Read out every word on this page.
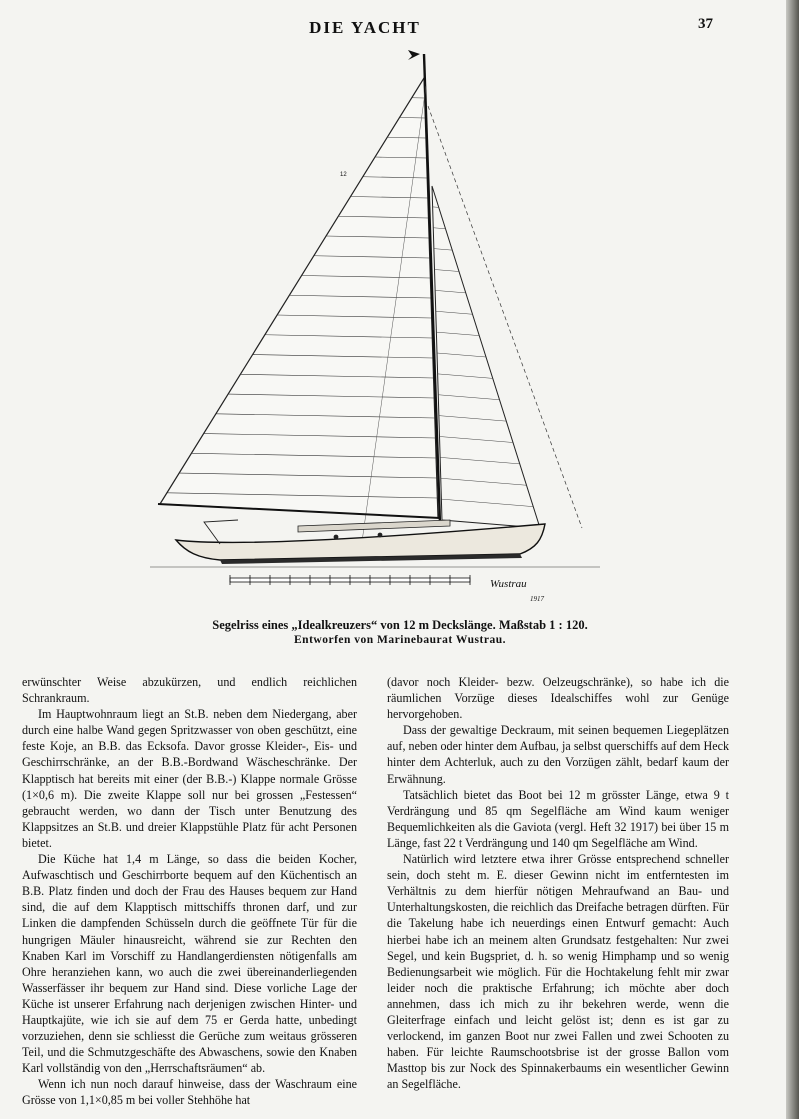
DIE YACHT	37
12
Wustrau
1917
Segelriss eines „Idealkreuzers“ von 12 m Deckslänge. Maßstab 1 : 120.
Entworfen von Marinebaurat Wustrau.

erwünschter Weise abzukürzen, und endlich reichlichen Schrankraum.

Im Hauptwohnraum liegt an St.B. neben dem Niedergang, aber durch eine halbe Wand gegen Spritzwasser von oben geschützt, eine feste Koje, an B.B. das Ecksofa. Davor grosse Kleider-, Eis- und Geschirrschränke, an der B.B.-Bordwand Wäscheschränke. Der Klapptisch hat bereits mit einer (der B.B.-) Klappe normale Grösse (1×0,6 m). Die zweite Klappe soll nur bei grossen „Festessen“ gebraucht werden, wo dann der Tisch unter Benutzung des Klappsitzes an St.B. und dreier Klappstühle Platz für acht Personen bietet.

Die Küche hat 1,4 m Länge, so dass die beiden Kocher, Aufwaschtisch und Geschirrborte bequem auf den Küchentisch an B.B. Platz finden und doch der Frau des Hauses bequem zur Hand sind, die auf dem Klapptisch mittschiffs thronen darf, und zur Linken die dampfenden Schüsseln durch die geöffnete Tür für die hungrigen Mäuler hinausreicht, während sie zur Rechten den Knaben Karl im Vorschiff zu Handlangerdiensten nötigenfalls am Ohre heranziehen kann, wo auch die zwei übereinanderliegenden Wasserfässer ihr bequem zur Hand sind. Diese vorliche Lage der Küche ist unserer Erfahrung nach derjenigen zwischen Hinter- und Hauptkajüte, wie ich sie auf dem 75 er Gerda hatte, unbedingt vorzuziehen, denn sie schliesst die Gerüche zum weitaus grösseren Teil, und die Schmutzgeschäfte des Abwaschens, sowie den Knaben Karl vollständig von den „Herrschaftsräumen“ ab.

Wenn ich nun noch darauf hinweise, dass der Waschraum eine Grösse von 1,1×0,85 m bei voller Stehhöhe hat

(davor noch Kleider- bezw. Oelzeugschränke), so habe ich die räumlichen Vorzüge dieses Idealschiffes wohl zur Genüge hervorgehoben.

Dass der gewaltige Deckraum, mit seinen bequemen Liegeplätzen auf, neben oder hinter dem Aufbau, ja selbst querschiffs auf dem Heck hinter dem Achterluk, auch zu den Vorzügen zählt, bedarf kaum der Erwähnung.

Tatsächlich bietet das Boot bei 12 m grösster Länge, etwa 9 t Verdrängung und 85 qm Segelfläche am Wind kaum weniger Bequemlichkeiten als die Gaviota (vergl. Heft 32 1917) bei über 15 m Länge, fast 22 t Verdrängung und 140 qm Segelfläche am Wind.

Natürlich wird letztere etwa ihrer Grösse entsprechend schneller sein, doch steht m. E. dieser Gewinn nicht im entferntesten im Verhältnis zu dem hierfür nötigen Mehraufwand an Bau- und Unterhaltungskosten, die reichlich das Dreifache betragen dürften. Für die Takelung habe ich neuerdings einen Entwurf gemacht: Auch hierbei habe ich an meinem alten Grundsatz festgehalten: Nur zwei Segel, und kein Bugspriet, d. h. so wenig Himphamp und so wenig Bedienungsarbeit wie möglich. Für die Hochtakelung fehlt mir zwar leider noch die praktische Erfahrung; ich möchte aber doch annehmen, dass ich mich zu ihr bekehren werde, wenn die Gleiterfrage einfach und leicht gelöst ist; denn es ist gar zu verlockend, im ganzen Boot nur zwei Fallen und zwei Schooten zu haben. Für leichte Raumschootsbrise ist der grosse Ballon vom Masttop bis zur Nock des Spinnakerbaums ein wesentlicher Gewinn an Segelfläche.
